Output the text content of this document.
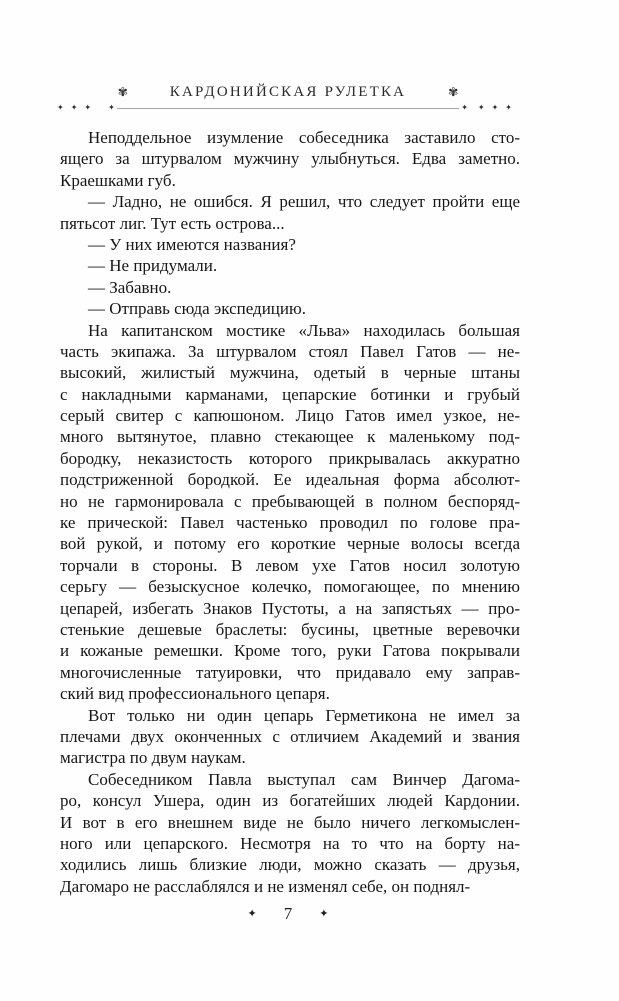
✾	КАРДОНИЙСКАЯ РУЛЕТКА	✾
✦✦✦ ✦	✦ ✦✦✦
Неподдельное изумление собеседника заставило сто-
ящего за штурвалом мужчину улыбнуться. Едва заметно.
Краешками губ.
— Ладно, не ошибся. Я решил, что следует пройти еще
пятьсот лиг. Тут есть острова...
— У них имеются названия?
— Не придумали.
— Забавно.
— Отправь сюда экспедицию.
На капитанском мостике «Льва» находилась большая
часть экипажа. За штурвалом стоял Павел Гатов — не-
высокий, жилистый мужчина, одетый в черные штаны
с накладными карманами, цепарские ботинки и грубый
серый свитер с капюшоном. Лицо Гатов имел узкое, не-
много вытянутое, плавно стекающее к маленькому под-
бородку, неказистость которого прикрывалась аккуратно
подстриженной бородкой. Ее идеальная форма абсолют-
но не гармонировала с пребывающей в полном беспоряд-
ке прической: Павел частенько проводил по голове пра-
вой рукой, и потому его короткие черные волосы всегда
торчали в стороны. В левом ухе Гатов носил золотую
серьгу — безыскусное колечко, помогающее, по мнению
цепарей, избегать Знаков Пустоты, а на запястьях — про-
стенькие дешевые браслеты: бусины, цветные веревочки
и кожаные ремешки. Кроме того, руки Гатова покрывали
многочисленные татуировки, что придавало ему заправ-
ский вид профессионального цепаря.
Вот только ни один цепарь Герметикона не имел за
плечами двух оконченных с отличием Академий и звания
магистра по двум наукам.
Собеседником Павла выступал сам Винчер Дагома-
ро, консул Ушера, один из богатейших людей Кардонии.
И вот в его внешнем виде не было ничего легкомыслен-
ного или цепарского. Несмотря на то что на борту на-
ходились лишь близкие люди, можно сказать — друзья,
Дагомаро не расслаблялся и не изменял себе, он поднял-
✦ 7 ✦
